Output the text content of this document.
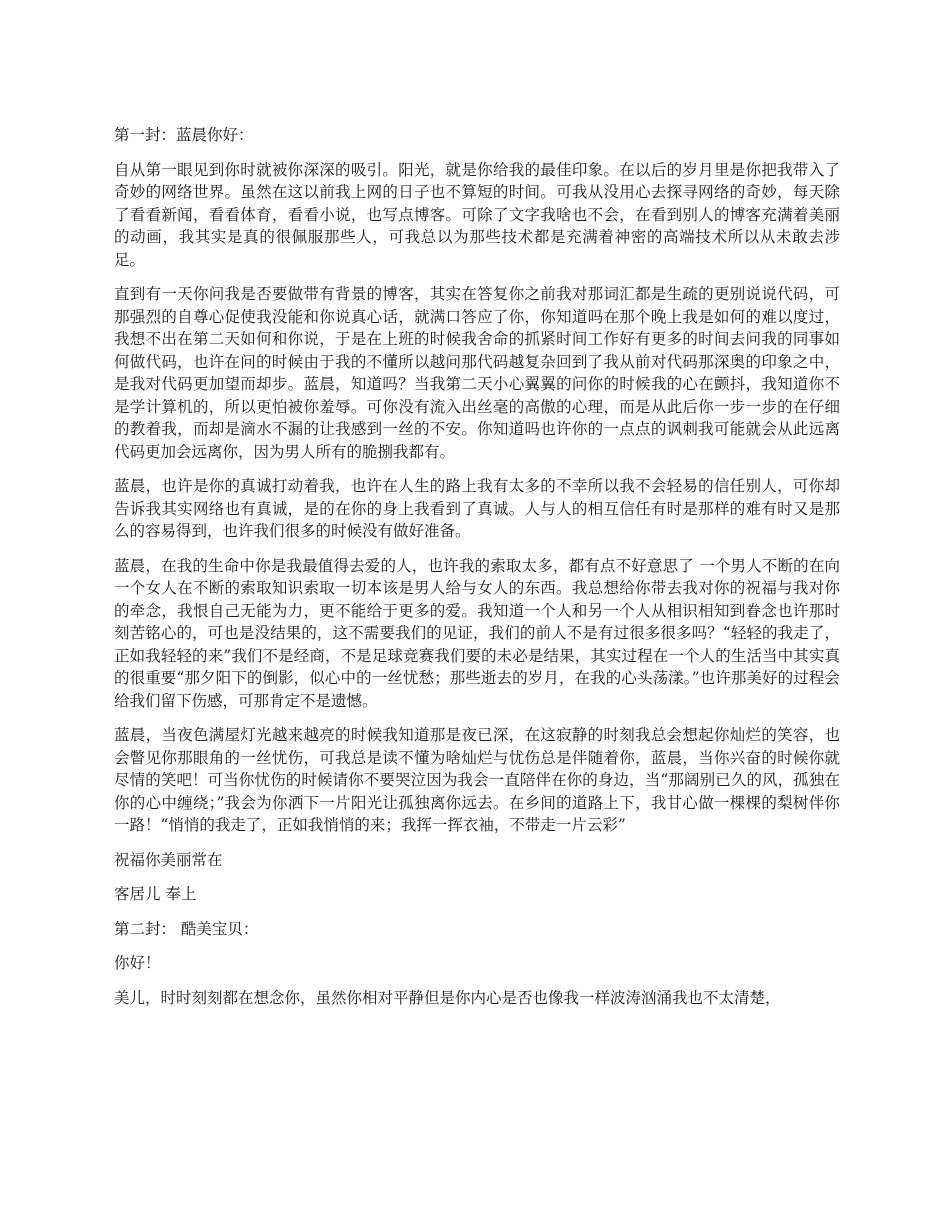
第一封：蓝晨你好：

自从第一眼见到你时就被你深深的吸引。阳光，就是你给我的最佳印象。在以后的岁月里是你把我带入了奇妙的网络世界。虽然在这以前我上网的日子也不算短的时间。可我从没用心去探寻网络的奇妙，每天除了看看新闻，看看体育，看看小说，也写点博客。可除了文字我啥也不会，在看到别人的博客充满着美丽的动画，我其实是真的很佩服那些人，可我总以为那些技术都是充满着神密的高端技术所以从未敢去涉足。

直到有一天你问我是否要做带有背景的博客，其实在答复你之前我对那词汇都是生疏的更别说说代码，可那强烈的自尊心促使我没能和你说真心话，就满口答应了你，你知道吗在那个晚上我是如何的难以度过，我想不出在第二天如何和你说，于是在上班的时候我舍命的抓紧时间工作好有更多的时间去问我的同事如何做代码，也许在问的时候由于我的不懂所以越问那代码越复杂回到了我从前对代码那深奥的印象之中，是我对代码更加望而却步。蓝晨，知道吗？当我第二天小心翼翼的问你的时候我的心在颤抖，我知道你不是学计算机的，所以更怕被你羞辱。可你没有流入出丝毫的高傲的心理，而是从此后你一步一步的在仔细的教着我，而却是滴水不漏的让我感到一丝的不安。你知道吗也许你的一点点的讽刺我可能就会从此远离代码更加会远离你，因为男人所有的脆捌我都有。

蓝晨，也许是你的真诚打动着我，也许在人生的路上我有太多的不幸所以我不会轻易的信任别人，可你却告诉我其实网络也有真诚，是的在你的身上我看到了真诚。人与人的相互信任有时是那样的难有时又是那么的容易得到，也许我们很多的时候没有做好准备。

蓝晨，在我的生命中你是我最值得去爱的人，也许我的索取太多，都有点不好意思了 一个男人不断的在向一个女人在不断的索取知识索取一切本该是男人给与女人的东西。我总想给你带去我对你的祝福与我对你的牵念，我恨自己无能为力，更不能给于更多的爱。我知道一个人和另一个人从相识相知到眷念也许那时刻苦铭心的，可也是没结果的，这不需要我们的见证，我们的前人不是有过很多很多吗？“轻轻的我走了，正如我轻轻的来”我们不是经商，不是足球竞赛我们要的未必是结果，其实过程在一个人的生活当中其实真的很重要“那夕阳下的倒影，似心中的一丝忧愁；那些逝去的岁月，在我的心头荡漾。”也许那美好的过程会给我们留下伤感，可那肯定不是遗憾。

蓝晨，当夜色满屋灯光越来越亮的时候我知道那是夜已深，在这寂静的时刻我总会想起你灿烂的笑容，也会瞥见你那眼角的一丝忧伤，可我总是读不懂为啥灿烂与忧伤总是伴随着你，蓝晨，当你兴奋的时候你就尽情的笑吧！可当你忧伤的时候请你不要哭泣因为我会一直陪伴在你的身边，当“那阔别已久的风，孤独在你的心中缠绕；”我会为你洒下一片阳光让孤独离你远去。在乡间的道路上下，我甘心做一棵棵的梨树伴你一路！“悄悄的我走了，正如我悄悄的来；我挥一挥衣袖，不带走一片云彩”

祝福你美丽常在

客居儿 奉上

第二封： 酷美宝贝：

你好！

美儿，时时刻刻都在想念你，虽然你相对平静但是你内心是否也像我一样波涛汹涌我也不太清楚，
